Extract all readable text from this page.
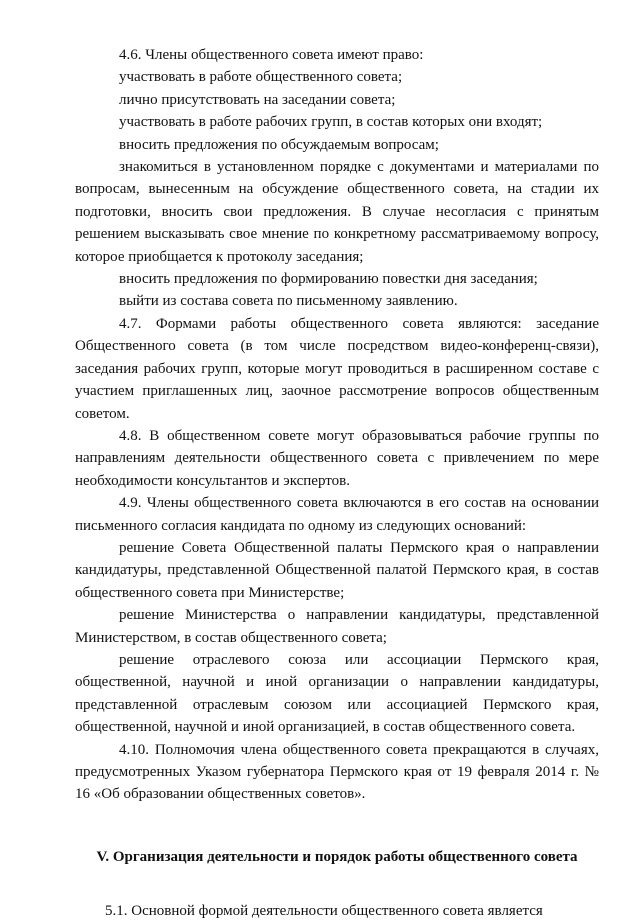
4.6. Члены общественного совета имеют право:

участвовать в работе общественного совета;

лично присутствовать на заседании совета;

участвовать в работе рабочих групп, в состав которых они входят;

вносить предложения по обсуждаемым вопросам;

знакомиться в установленном порядке с документами и материалами по вопросам, вынесенным на обсуждение общественного совета, на стадии их подготовки, вносить свои предложения. В случае несогласия с принятым решением высказывать свое мнение по конкретному рассматриваемому вопросу, которое приобщается к протоколу заседания;

вносить предложения по формированию повестки дня заседания;

выйти из состава совета по письменному заявлению.

4.7. Формами работы общественного совета являются: заседание Общественного совета (в том числе посредством видео-конференц-связи), заседания рабочих групп, которые могут проводиться в расширенном составе с участием приглашенных лиц, заочное рассмотрение вопросов общественным советом.

4.8. В общественном совете могут образовываться рабочие группы по направлениям деятельности общественного совета с привлечением по мере необходимости консультантов и экспертов.

4.9. Члены общественного совета включаются в его состав на основании письменного согласия кандидата по одному из следующих оснований:

решение Совета Общественной палаты Пермского края о направлении кандидатуры, представленной Общественной палатой Пермского края, в состав общественного совета при Министерстве;

решение Министерства о направлении кандидатуры, представленной Министерством, в состав общественного совета;

решение отраслевого союза или ассоциации Пермского края, общественной, научной и иной организации о направлении кандидатуры, представленной отраслевым союзом или ассоциацией Пермского края, общественной, научной и иной организацией, в состав общественного совета.

4.10. Полномочия члена общественного совета прекращаются в случаях, предусмотренных Указом губернатора Пермского края от 19 февраля 2014 г. № 16 «Об образовании общественных советов».

V. Организация деятельности и порядок работы общественного совета

5.1. Основной формой деятельности общественного совета является
